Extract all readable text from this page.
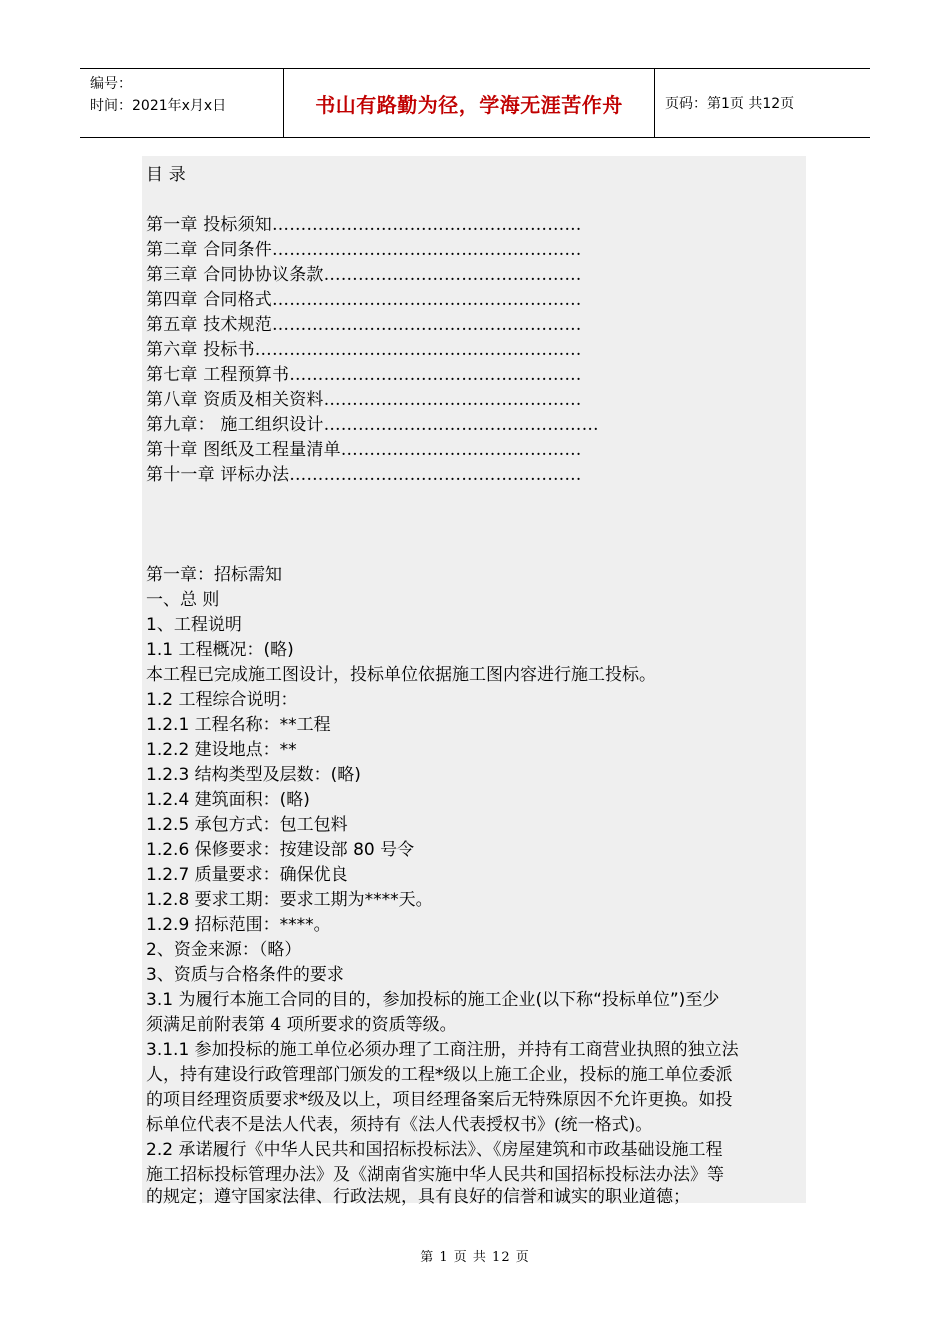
编号：
时间：2021年x月x日	书山有路勤为径，学海无涯苦作舟	页码：第1页 共12页
目 录
第一章 投标须知………………………………………………
第二章 合同条件………………………………………………
第三章 合同协协议条款………………………………………
第四章 合同格式………………………………………………
第五章 技术规范………………………………………………
第六章 投标书…………………………………………………
第七章 工程预算书……………………………………………
第八章 资质及相关资料………………………………………
第九章： 施工组织设计…………………………………………
第十章 图纸及工程量清单……………………………………
第十一章 评标办法……………………………………………
第一章：招标需知
一、总 则
1、工程说明
1.1 工程概况：(略)
本工程已完成施工图设计，投标单位依据施工图内容进行施工投标。
1.2 工程综合说明：
1.2.1 工程名称：**工程
1.2.2 建设地点：**
1.2.3 结构类型及层数：(略)
1.2.4 建筑面积：(略)
1.2.5 承包方式：包工包料
1.2.6 保修要求：按建设部 80 号令
1.2.7 质量要求：确保优良
1.2.8 要求工期：要求工期为****天。
1.2.9 招标范围：****。
2、资金来源：（略）
3、资质与合格条件的要求
3.1 为履行本施工合同的目的，参加投标的施工企业(以下称“投标单位”)至少
须满足前附表第 4 项所要求的资质等级。
3.1.1 参加投标的施工单位必须办理了工商注册，并持有工商营业执照的独立法
人，持有建设行政管理部门颁发的工程*级以上施工企业，投标的施工单位委派
的项目经理资质要求*级及以上，项目经理备案后无特殊原因不允许更换。如投
标单位代表不是法人代表，须持有《法人代表授权书》(统一格式)。
2.2 承诺履行《中华人民共和国招标投标法》、《房屋建筑和市政基础设施工程
施工招标投标管理办法》及《湖南省实施中华人民共和国招标投标法办法》等
的规定；遵守国家法律、行政法规，具有良好的信誉和诚实的职业道德；
第 1 页 共 12 页
